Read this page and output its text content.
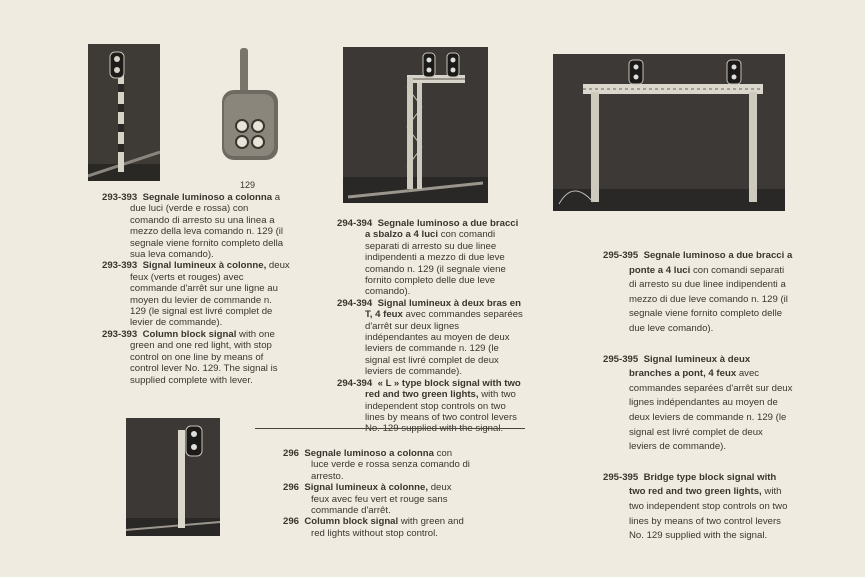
129

293-393 Segnale luminoso a colonna a due luci (verde e rossa) con comando di arresto su una linea a mezzo della leva comando n. 129 (il segnale viene fornito completo della sua leva comando).

293-393 Signal lumineux à colonne, deux feux (verts et rouges) avec commande d'arrêt sur une ligne au moyen du levier de commande n. 129 (le signal est livré complet de levier de commande).

293-393 Column block signal with one green and one red light, with stop control on one line by means of control lever No. 129. The signal is supplied complete with lever.

294-394 Segnale luminoso a due bracci a sbalzo a 4 luci con comandi separati di arresto su due linee indipendenti a mezzo di due leve comando n. 129 (il segnale viene fornito completo delle due leve comando).

294-394 Signal lumineux à deux bras en T, 4 feux avec commandes separées d'arrêt sur deux lignes indépendantes au moyen de deux leviers de commande n. 129 (le signal est livré complet de deux leviers de commande).

294-394 « L » type block signal with two red and two green lights, with two independent stop controls on two lines by means of two control levers

296 Segnale luminoso a colonna con luce verde e rossa senza comando di arresto.

296 Signal lumineux à colonne, deux feux avec feu vert et rouge sans commande d'arrêt.

296 Column block signal with green and red lights without stop control.

295-395 Segnale luminoso a due bracci a ponte a 4 luci con comandi separati di arresto su due linee indipendenti a mezzo di due leve comando n. 129 (il segnale viene fornito completo delle due leve comando).

295-395 Signal lumineux à deux branches a pont, 4 feux avec commandes separées d'arrêt sur deux lignes indépendantes au moyen de deux leviers de commande n. 129 (le signal est livré complet de deux leviers de commande).

295-395 Bridge type block signal with two red and two green lights, with two independent stop controls on two lines by means of two control levers No. 129 supplied with the signal.
